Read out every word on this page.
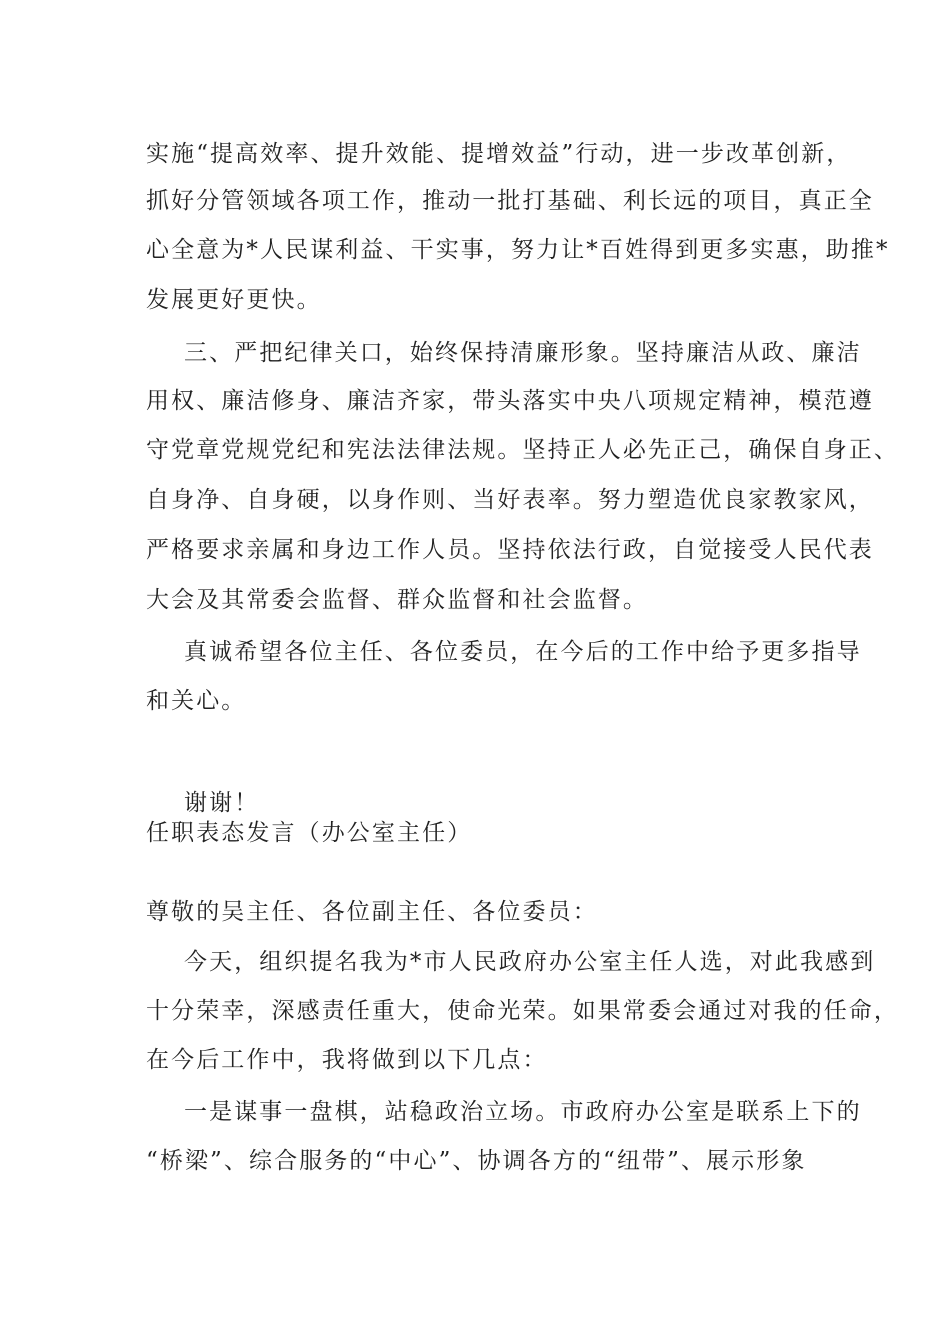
实施“提高效率、提升效能、提增效益”行动，进一步改革创新，
抓好分管领域各项工作，推动一批打基础、利长远的项目，真正全
心全意为*人民谋利益、干实事，努力让*百姓得到更多实惠，助推*
发展更好更快。
三、严把纪律关口，始终保持清廉形象。坚持廉洁从政、廉洁
用权、廉洁修身、廉洁齐家，带头落实中央八项规定精神，模范遵
守党章党规党纪和宪法法律法规。坚持正人必先正己，确保自身正、
自身净、自身硬，以身作则、当好表率。努力塑造优良家教家风，
严格要求亲属和身边工作人员。坚持依法行政，自觉接受人民代表
大会及其常委会监督、群众监督和社会监督。
真诚希望各位主任、各位委员，在今后的工作中给予更多指导
和关心。
谢谢！
任职表态发言（办公室主任）
尊敬的吴主任、各位副主任、各位委员：
今天，组织提名我为*市人民政府办公室主任人选，对此我感到
十分荣幸，深感责任重大，使命光荣。如果常委会通过对我的任命，
在今后工作中，我将做到以下几点：
一是谋事一盘棋，站稳政治立场。市政府办公室是联系上下的
“桥梁”、综合服务的“中心”、协调各方的“纽带”、展示形象
